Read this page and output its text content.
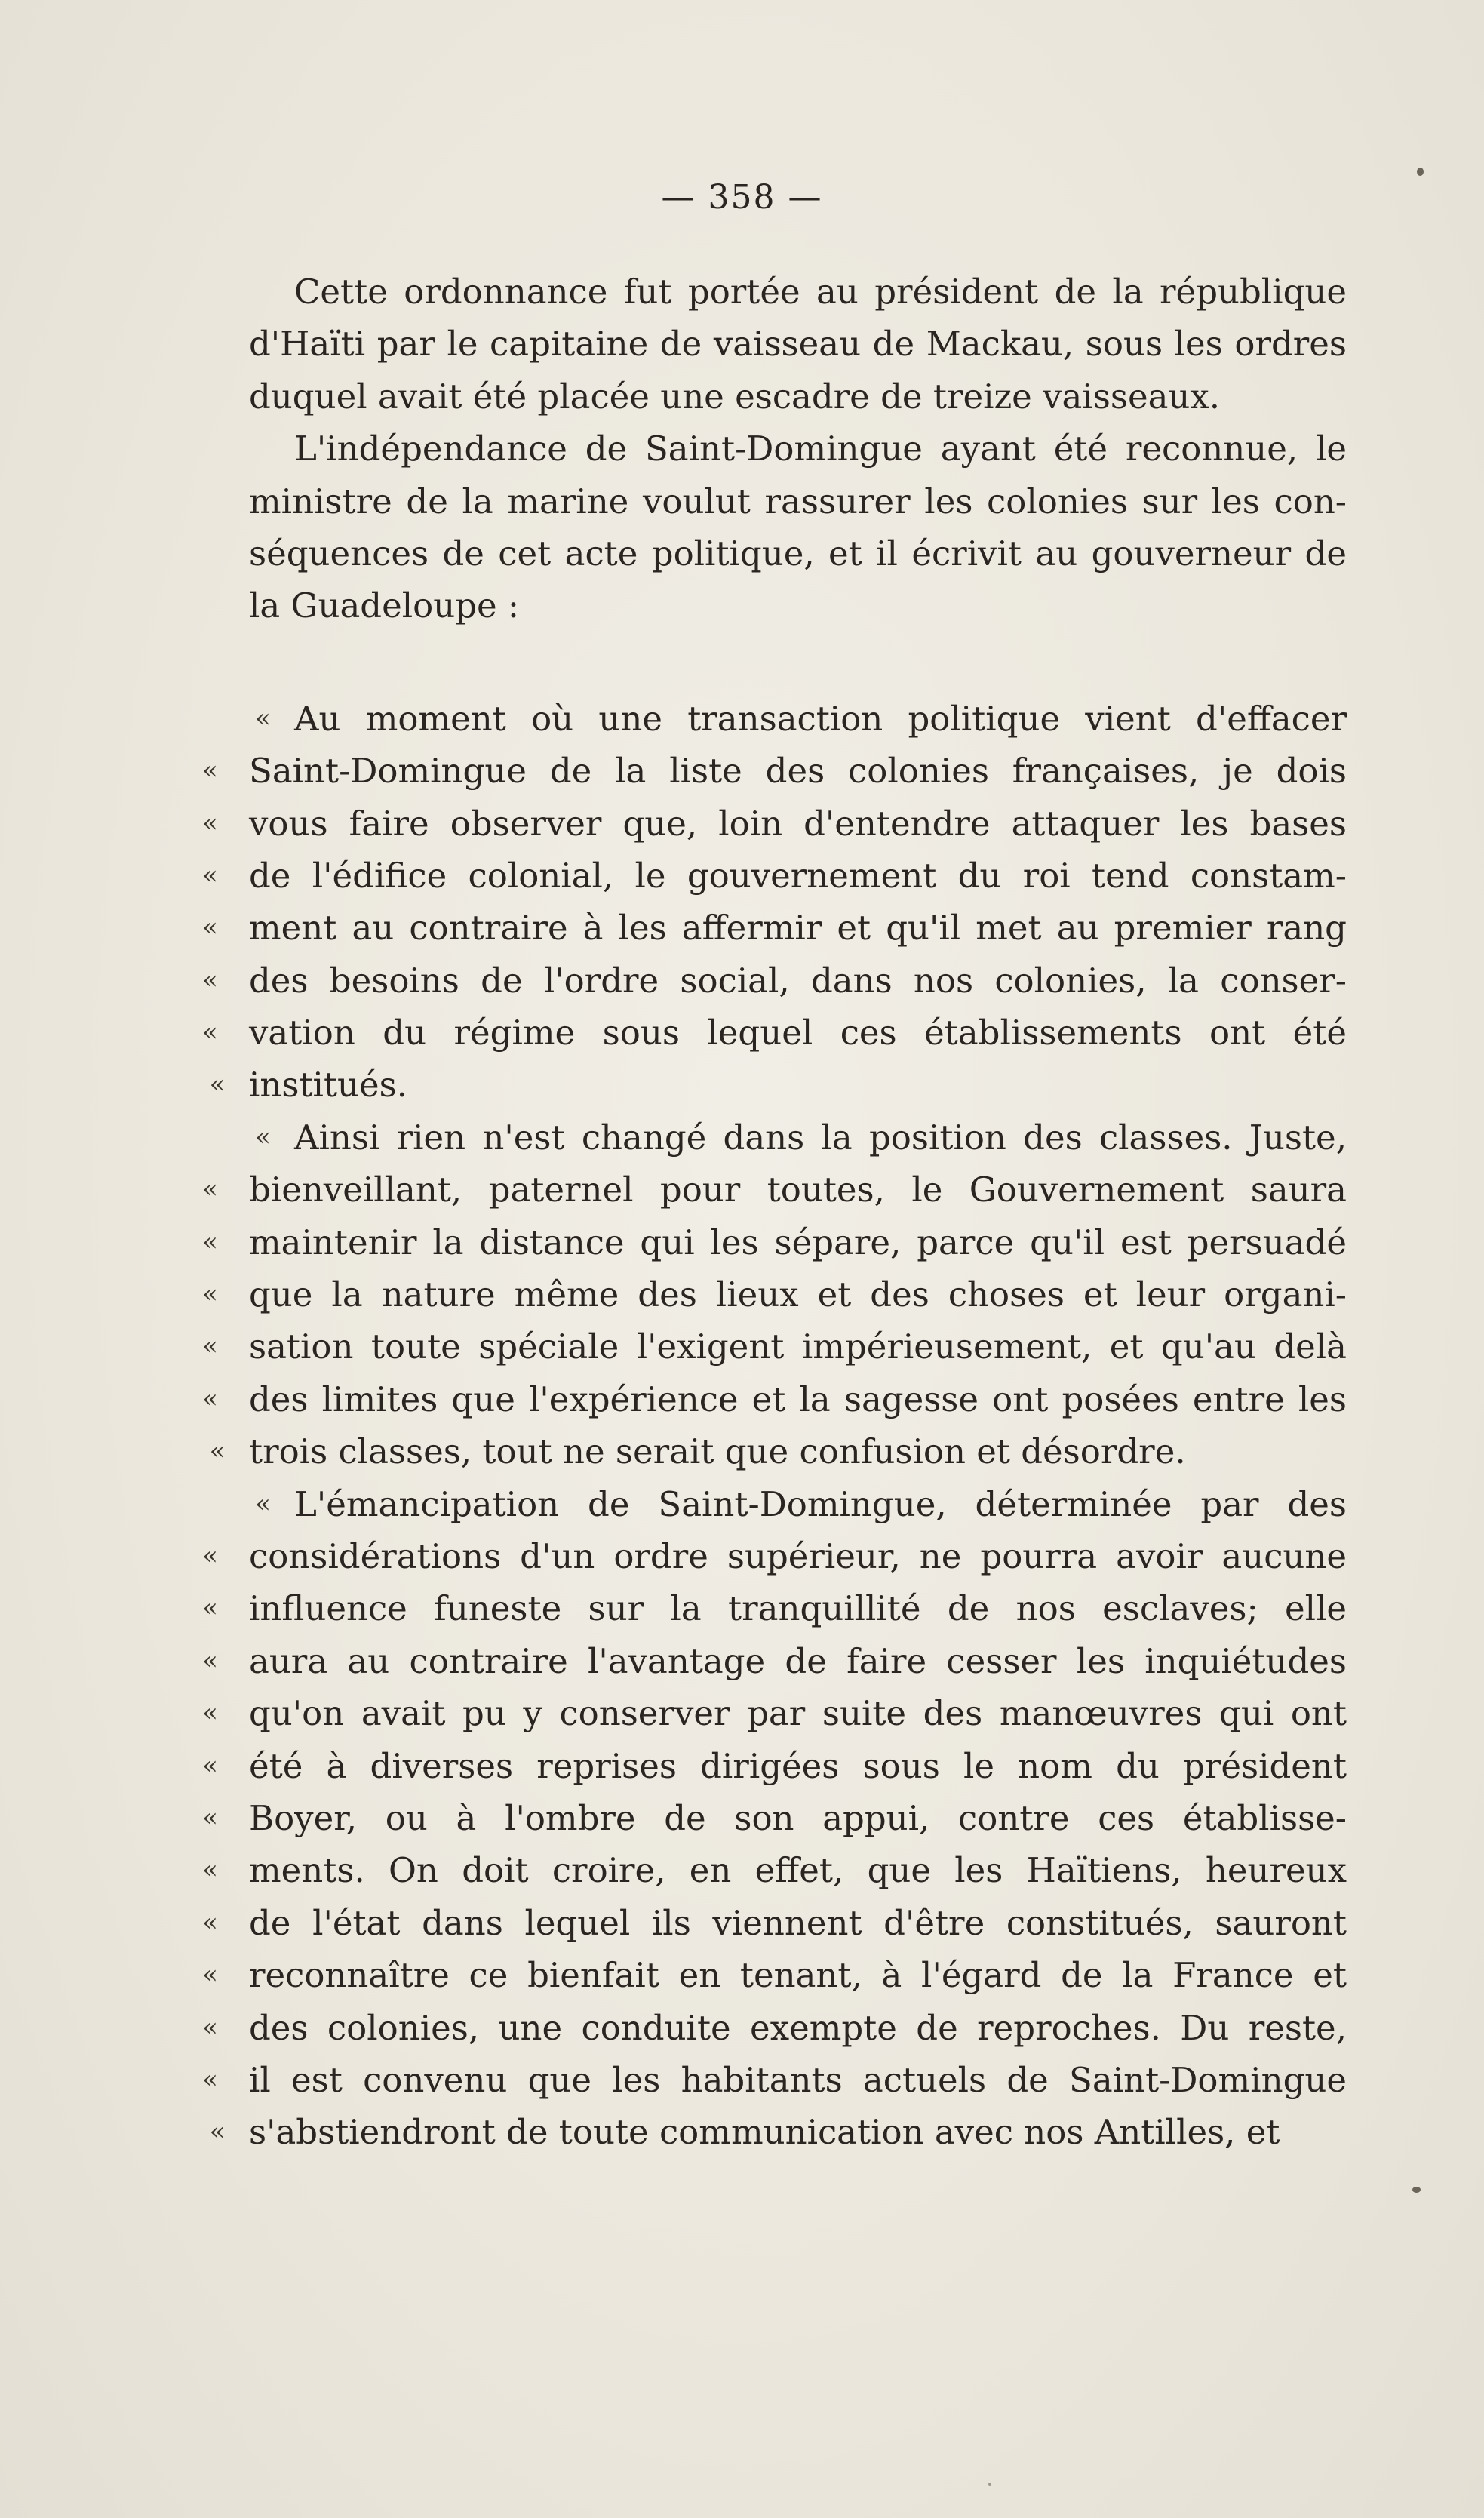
— 358 —
Cette ordonnance fut portée au président de la république
d'Haïti par le capitaine de vaisseau de Mackau, sous les ordres
duquel avait été placée une escadre de treize vaisseaux.
L'indépendance de Saint-Domingue ayant été reconnue, le
ministre de la marine voulut rassurer les colonies sur les con-
séquences de cet acte politique, et il écrivit au gouverneur de
la Guadeloupe :
« Au moment où une transaction politique vient d'effacer
« Saint-Domingue de la liste des colonies françaises, je dois
« vous faire observer que, loin d'entendre attaquer les bases
« de l'édifice colonial, le gouvernement du roi tend constam-
« ment au contraire à les affermir et qu'il met au premier rang
« des besoins de l'ordre social, dans nos colonies, la conser-
« vation du régime sous lequel ces établissements ont été
« institués.
« Ainsi rien n'est changé dans la position des classes. Juste,
« bienveillant, paternel pour toutes, le Gouvernement saura
« maintenir la distance qui les sépare, parce qu'il est persuadé
« que la nature même des lieux et des choses et leur organi-
« sation toute spéciale l'exigent impérieusement, et qu'au delà
« des limites que l'expérience et la sagesse ont posées entre les
« trois classes, tout ne serait que confusion et désordre.
« L'émancipation de Saint-Domingue, déterminée par des
« considérations d'un ordre supérieur, ne pourra avoir aucune
« influence funeste sur la tranquillité de nos esclaves; elle
« aura au contraire l'avantage de faire cesser les inquiétudes
« qu'on avait pu y conserver par suite des manœuvres qui ont
« été à diverses reprises dirigées sous le nom du président
« Boyer, ou à l'ombre de son appui, contre ces établisse-
« ments. On doit croire, en effet, que les Haïtiens, heureux
« de l'état dans lequel ils viennent d'être constitués, sauront
« reconnaître ce bienfait en tenant, à l'égard de la France et
« des colonies, une conduite exempte de reproches. Du reste,
« il est convenu que les habitants actuels de Saint-Domingue
« s'abstiendront de toute communication avec nos Antilles, et
